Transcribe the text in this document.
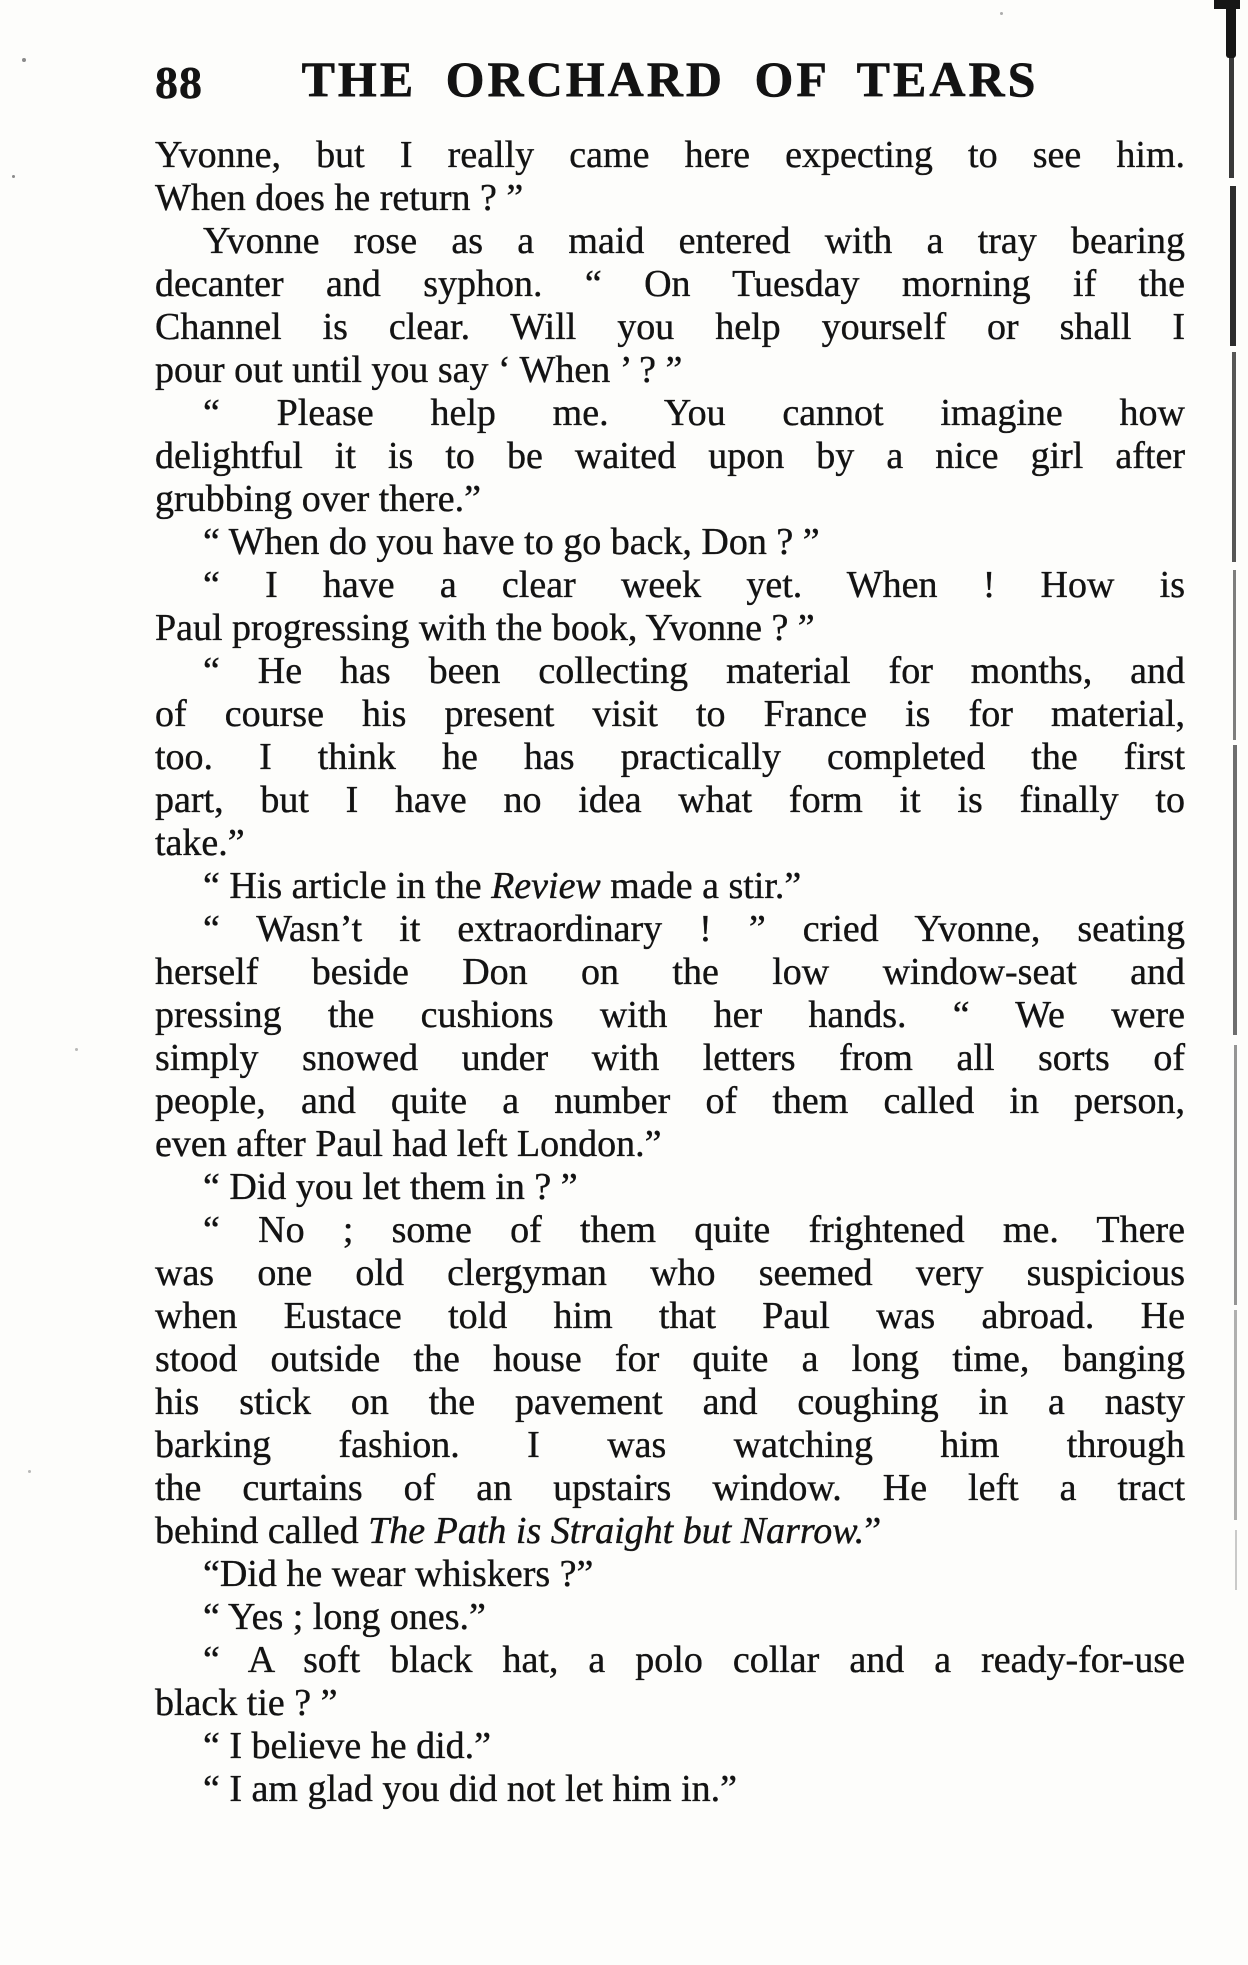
88	THE ORCHARD OF TEARS
Yvonne, but I really came here expecting to see him.
When does he return ? ”
Yvonne rose as a maid entered with a tray bearing
decanter and syphon. “ On Tuesday morning if the
Channel is clear. Will you help yourself or shall I
pour out until you say ‘ When ’ ? ”
“ Please help me. You cannot imagine how
delightful it is to be waited upon by a nice girl after
grubbing over there.”
“ When do you have to go back, Don ? ”
“ I have a clear week yet. When ! How is
Paul progressing with the book, Yvonne ? ”
“ He has been collecting material for months, and
of course his present visit to France is for material,
too. I think he has practically completed the first
part, but I have no idea what form it is finally to
take.”
“ His article in the Review made a stir.”
“ Wasn’t it extraordinary ! ” cried Yvonne, seating
herself beside Don on the low window-seat and
pressing the cushions with her hands. “ We were
simply snowed under with letters from all sorts of
people, and quite a number of them called in person,
even after Paul had left London.”
“ Did you let them in ? ”
“ No ; some of them quite frightened me. There
was one old clergyman who seemed very suspicious
when Eustace told him that Paul was abroad. He
stood outside the house for quite a long time, banging
his stick on the pavement and coughing in a nasty
barking fashion. I was watching him through
the curtains of an upstairs window. He left a tract
behind called The Path is Straight but Narrow.”
“Did he wear whiskers ?”
“ Yes ; long ones.”
“ A soft black hat, a polo collar and a ready-for-use
black tie ? ”
“ I believe he did.”
“ I am glad you did not let him in.”
